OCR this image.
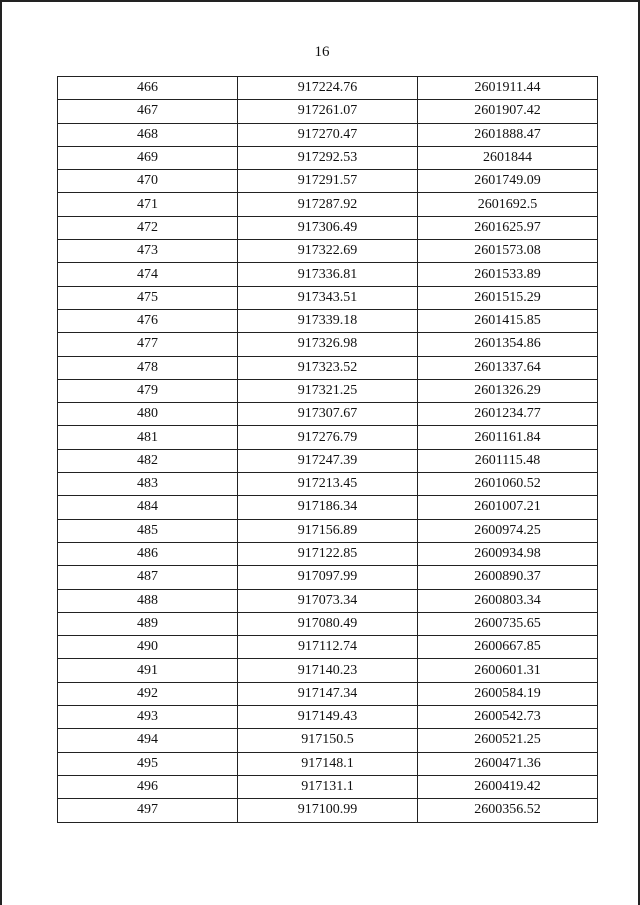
16
466	917224.76	2601911.44
467	917261.07	2601907.42
468	917270.47	2601888.47
469	917292.53	2601844
470	917291.57	2601749.09
471	917287.92	2601692.5
472	917306.49	2601625.97
473	917322.69	2601573.08
474	917336.81	2601533.89
475	917343.51	2601515.29
476	917339.18	2601415.85
477	917326.98	2601354.86
478	917323.52	2601337.64
479	917321.25	2601326.29
480	917307.67	2601234.77
481	917276.79	2601161.84
482	917247.39	2601115.48
483	917213.45	2601060.52
484	917186.34	2601007.21
485	917156.89	2600974.25
486	917122.85	2600934.98
487	917097.99	2600890.37
488	917073.34	2600803.34
489	917080.49	2600735.65
490	917112.74	2600667.85
491	917140.23	2600601.31
492	917147.34	2600584.19
493	917149.43	2600542.73
494	917150.5	2600521.25
495	917148.1	2600471.36
496	917131.1	2600419.42
497	917100.99	2600356.52
